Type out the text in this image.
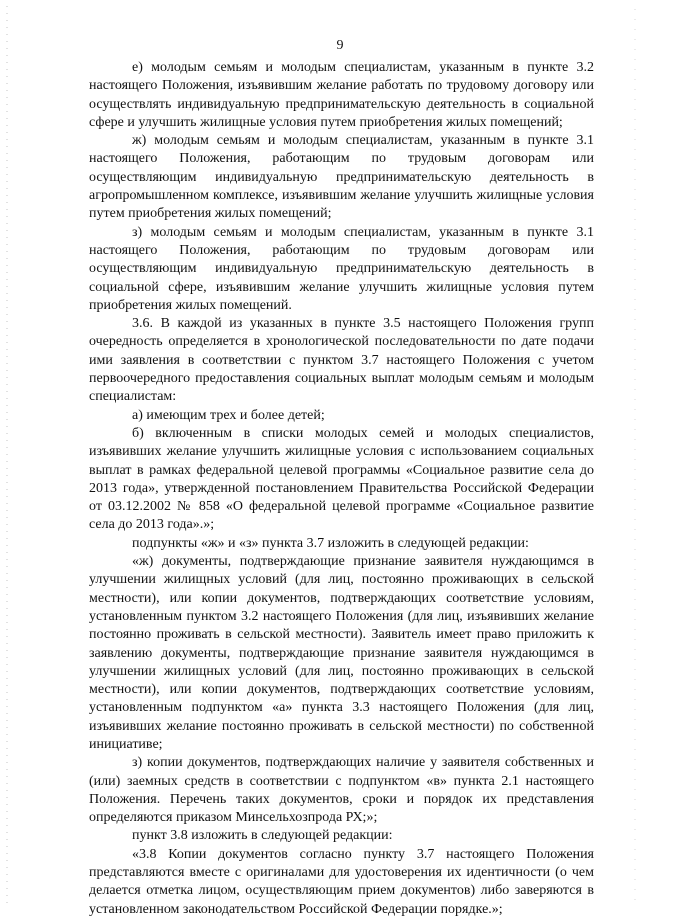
9

е) молодым семьям и молодым специалистам, указанным в пункте 3.2 настоящего Положения, изъявившим желание работать по трудовому договору или осуществлять индивидуальную предпринимательскую деятельность в социальной сфере и улучшить жилищные условия путем приобретения жилых помещений;

ж) молодым семьям и молодым специалистам, указанным в пункте 3.1 настоящего Положения, работающим по трудовым договорам или осуществляющим индивидуальную предпринимательскую деятельность в агропромышленном комплексе, изъявившим желание улучшить жилищные условия путем приобретения жилых помещений;

з) молодым семьям и молодым специалистам, указанным в пункте 3.1 настоящего Положения, работающим по трудовым договорам или осуществляющим индивидуальную предпринимательскую деятельность в социальной сфере, изъявившим желание улучшить жилищные условия путем приобретения жилых помещений.

3.6. В каждой из указанных в пункте 3.5 настоящего Положения групп очередность определяется в хронологической последовательности по дате подачи ими заявления в соответствии с пунктом 3.7 настоящего Положения с учетом первоочередного предоставления социальных выплат молодым семьям и молодым специалистам:

а) имеющим трех и более детей;

б) включенным в списки молодых семей и молодых специалистов, изъявивших желание улучшить жилищные условия с использованием социальных выплат в рамках федеральной целевой программы «Социальное развитие села до 2013 года», утвержденной постановлением Правительства Российской Федерации от 03.12.2002 № 858 «О федеральной целевой программе «Социальное развитие села до 2013 года».»;

подпункты «ж» и «з» пункта 3.7 изложить в следующей редакции:

«ж) документы, подтверждающие признание заявителя нуждающимся в улучшении жилищных условий (для лиц, постоянно проживающих в сельской местности), или копии документов, подтверждающих соответствие условиям, установленным пунктом 3.2 настоящего Положения (для лиц, изъявивших желание постоянно проживать в сельской местности). Заявитель имеет право приложить к заявлению документы, подтверждающие признание заявителя нуждающимся в улучшении жилищных условий (для лиц, постоянно проживающих в сельской местности), или копии документов, подтверждающих соответствие условиям, установленным подпунктом «а» пункта 3.3 настоящего Положения (для лиц, изъявивших желание постоянно проживать в сельской местности) по собственной инициативе;

з) копии документов, подтверждающих наличие у заявителя собственных и (или) заемных средств в соответствии с подпунктом «в» пункта 2.1 настоящего Положения. Перечень таких документов, сроки и порядок их представления определяются приказом Минсельхозпрода РХ;»;

пункт 3.8 изложить в следующей редакции:

«3.8 Копии документов согласно пункту 3.7 настоящего Положения представляются вместе с оригиналами для удостоверения их идентичности (о чем делается отметка лицом, осуществляющим прием документов) либо заверяются в установленном законодательством Российской Федерации порядке.»;
